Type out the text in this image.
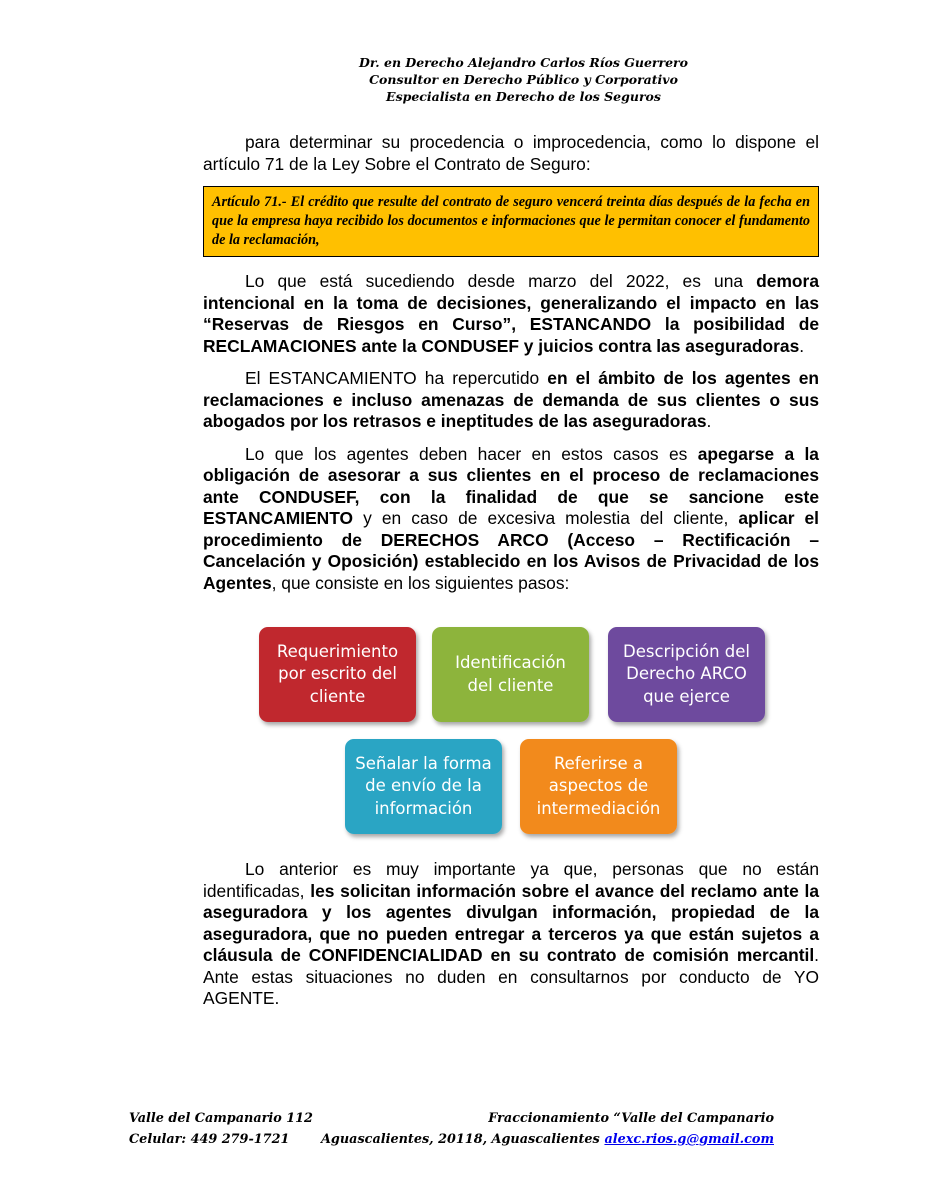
Dr. en Derecho Alejandro Carlos Ríos Guerrero
Consultor en Derecho Público y Corporativo
Especialista en Derecho de los Seguros

para determinar su procedencia o improcedencia, como lo dispone el artículo 71 de la Ley Sobre el Contrato de Seguro:

Artículo 71.- El crédito que resulte del contrato de seguro vencerá treinta días después de la fecha en que la empresa haya recibido los documentos e informaciones que le permitan conocer el fundamento de la reclamación,

Lo que está sucediendo desde marzo del 2022, es una demora intencional en la toma de decisiones, generalizando el impacto en las “Reservas de Riesgos en Curso”, ESTANCANDO la posibilidad de RECLAMACIONES ante la CONDUSEF y juicios contra las aseguradoras.

El ESTANCAMIENTO ha repercutido en el ámbito de los agentes en reclamaciones e incluso amenazas de demanda de sus clientes o sus abogados por los retrasos e ineptitudes de las aseguradoras.

Lo que los agentes deben hacer en estos casos es apegarse a la obligación de asesorar a sus clientes en el proceso de reclamaciones ante CONDUSEF, con la finalidad de que se sancione este ESTANCAMIENTO y en caso de excesiva molestia del cliente, aplicar el procedimiento de DERECHOS ARCO (Acceso – Rectificación – Cancelación y Oposición) establecido en los Avisos de Privacidad de los Agentes, que consiste en los siguientes pasos:

Requerimiento
por escrito del
cliente
Identificación
del cliente
Descripción del
Derecho ARCO
que ejerce
Señalar la forma
de envío de la
información
Referirse a
aspectos de
intermediación

Lo anterior es muy importante ya que, personas que no están identificadas, les solicitan información sobre el avance del reclamo ante la aseguradora y los agentes divulgan información, propiedad de la aseguradora, que no pueden entregar a terceros ya que están sujetos a cláusula de CONFIDENCIALIDAD en su contrato de comisión mercantil. Ante estas situaciones no duden en consultarnos por conducto de YO AGENTE.

Valle del Campanario 112	Fraccionamiento “Valle del Campanario
Celular: 449 279-1721 Aguascalientes, 20118, Aguascalientes alexc.rios.g@gmail.com
